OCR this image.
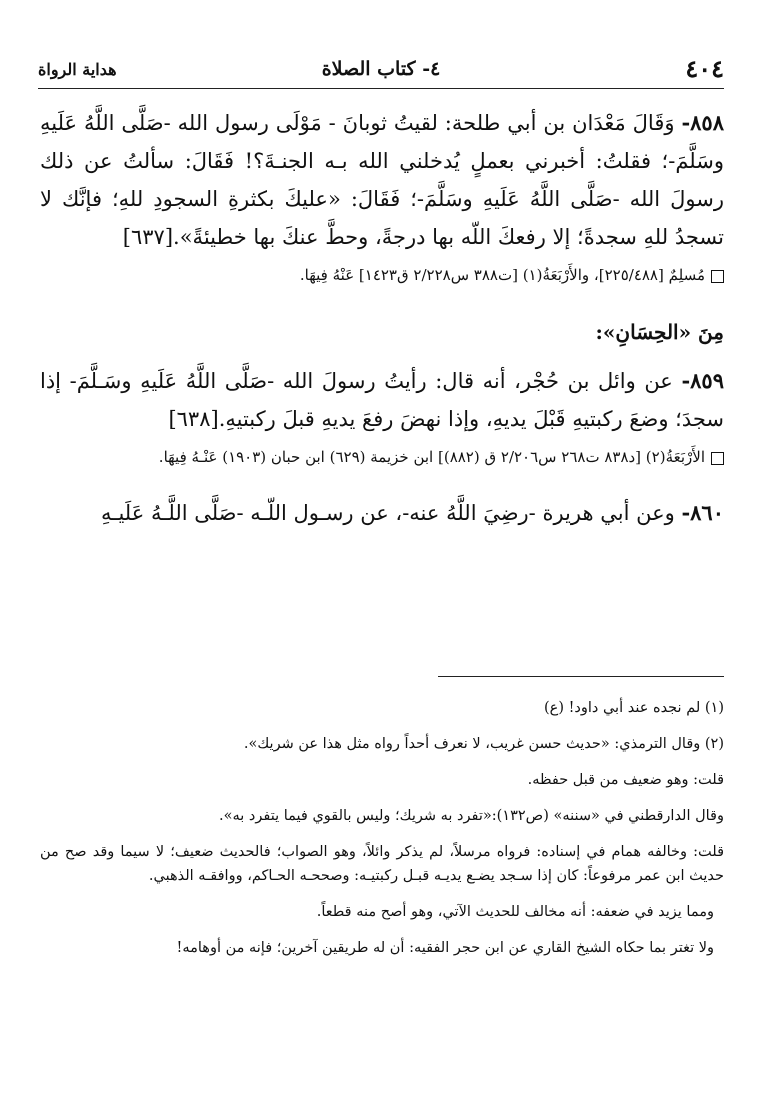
٤٠٤
٤- كتاب الصلاة
هداية الرواة

٨٥٨- وَقَالَ مَعْدَان بن أبي طلحة: لقيتُ ثوبانَ - مَوْلَى رسول الله -صَلَّى اللَّهُ عَلَيهِ وسَلَّمَ-؛ فقلتُ: أخبرني بعملٍ يُدخلني الله بـه الجنـةَ؟! فَقَالَ: سألتُ عن ذلك رسولَ الله -صَلَّى اللَّهُ عَلَيهِ وسَلَّمَ-؛ فَقَالَ: «عليكَ بكثرةِ السجودِ للهِ؛ فإنَّك لا تسجدُ للهِ سجدةً؛ إلا رفعكَ اللّه بها درجةً، وحطَّ عنكَ بها خطيئةً».[٦٣٧]

مُسلِمٌ [٢٢٥/٤٨٨]، والأَرْبَعَةُ(١) [ت٣٨٨ س٢/٢٢٨ ق١٤٢٣] عَنْهُ فِيهَا.

مِنَ «الحِسَانِ»:

٨٥٩- عن وائل بن حُجْر، أنه قال: رأيتُ رسولَ الله -صَلَّى اللَّهُ عَلَيهِ وسَـلَّمَ- إذا سجدَ؛ وضعَ ركبتيهِ قَبْلَ يديهِ، وإذا نهضَ رفعَ يديهِ قبلَ ركبتيهِ.[٦٣٨]

الأَرْبَعَةُ(٢) [د٨٣٨ ت٢٦٨ س٢/٢٠٦ ق (٨٨٢)] ابن خزيمة (٦٢٩) ابن حبان (١٩٠٣) عَنْـهُ فِيهَا.

٨٦٠- وعن أبي هريرة -رضِيَ اللَّهُ عنه-، عن رسـول اللّـه -صَلَّى اللَّـهُ عَلَيـهِ

(١) لم نجده عند أبي داود! (ع)

(٢) وقال الترمذي: «حديث حسن غريب، لا نعرف أحداً رواه مثل هذا عن شريك».

قلت: وهو ضعيف من قبل حفظه.

وقال الدارقطني في «سننه» (ص١٣٢):«تفرد به شريك؛ وليس بالقوي فيما يتفرد به».

قلت: وخالفه همام في إسناده: فرواه مرسلاً، لم يذكر وائلاً، وهو الصواب؛ فالحديث ضعيف؛ لا سيما وقد صح من حديث ابن عمر مرفوعاً: كان إذا سـجد يضـع يديـه قبـل ركبتيـه: وصححـه الحـاكم، ووافقـه الذهبي.

ومما يزيد في ضعفه: أنه مخالف للحديث الآتي، وهو أصح منه قطعاً.

ولا تغتر بما حكاه الشيخ القاري عن ابن حجر الفقيه: أن له طريقين آخرين؛ فإنه من أوهامه!
